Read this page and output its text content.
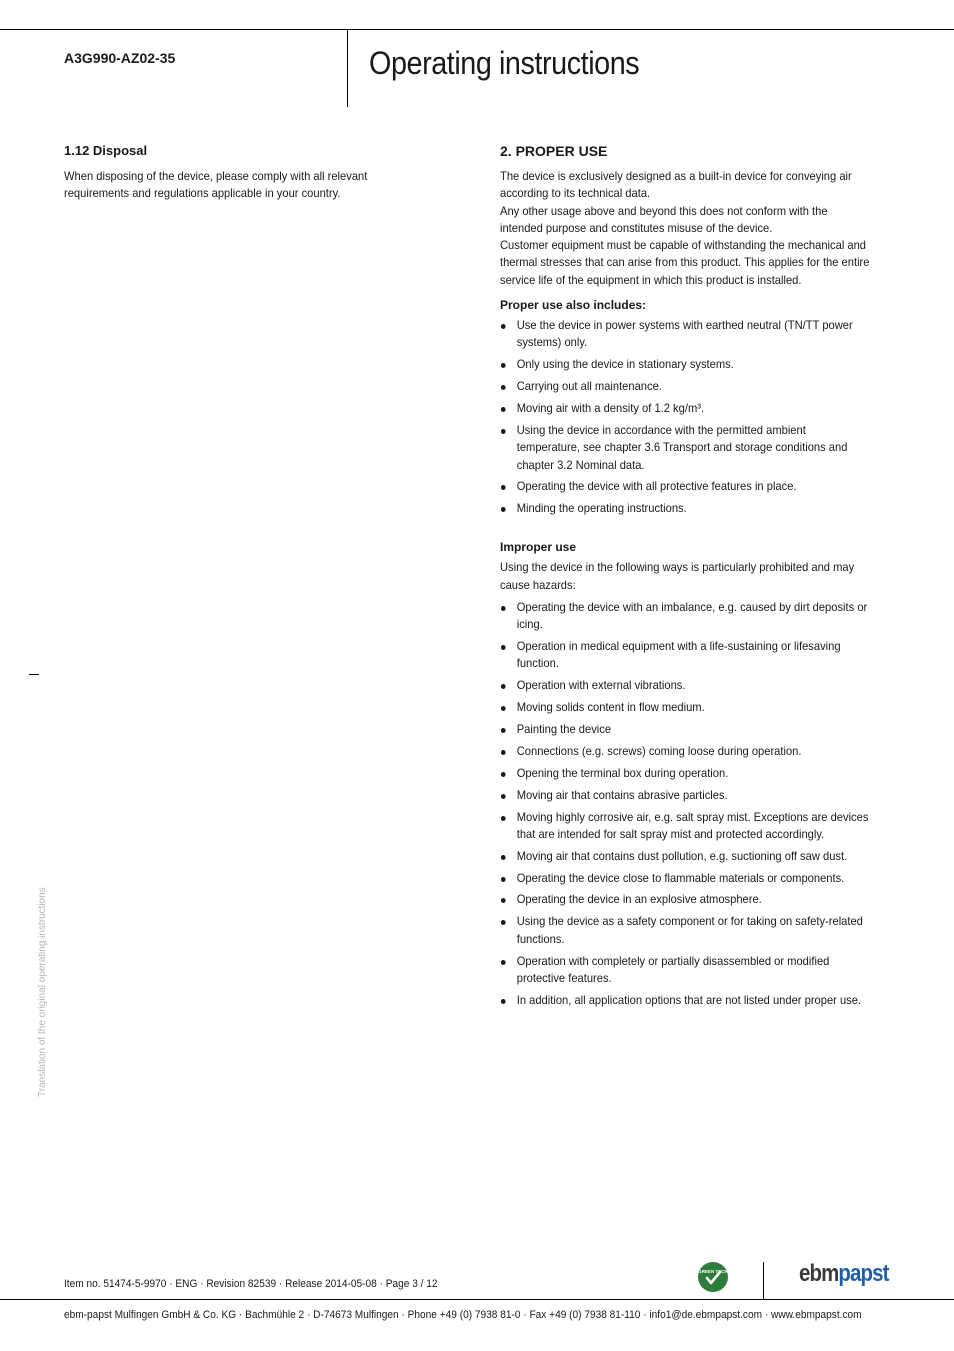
A3G990-AZ02-35	Operating instructions
1.12 Disposal
When disposing of the device, please comply with all relevant requirements and regulations applicable in your country.
2. PROPER USE

The device is exclusively designed as a built-in device for conveying air according to its technical data.

Any other usage above and beyond this does not conform with the intended purpose and constitutes misuse of the device.

Customer equipment must be capable of withstanding the mechanical and thermal stresses that can arise from this product. This applies for the entire service life of the equipment in which this product is installed.

Proper use also includes:

Use the device in power systems with earthed neutral (TN/TT power systems) only.
Only using the device in stationary systems.
Carrying out all maintenance.
Moving air with a density of 1.2 kg/m³.
Using the device in accordance with the permitted ambient temperature, see chapter 3.6 Transport and storage conditions and chapter 3.2 Nominal data.
Operating the device with all protective features in place.
Minding the operating instructions.

Improper use

Using the device in the following ways is particularly prohibited and may cause hazards:
Operating the device with an imbalance, e.g. caused by dirt deposits or icing.
Operation in medical equipment with a life-sustaining or lifesaving function.
Operation with external vibrations.
Moving solids content in flow medium.
Painting the device
Connections (e.g. screws) coming loose during operation.
Opening the terminal box during operation.
Moving air that contains abrasive particles.
Moving highly corrosive air, e.g. salt spray mist. Exceptions are devices that are intended for salt spray mist and protected accordingly.
Moving air that contains dust pollution, e.g. suctioning off saw dust.
Operating the device close to flammable materials or components.
Operating the device in an explosive atmosphere.
Using the device as a safety component or for taking on safety-related functions.
Operation with completely or partially disassembled or modified protective features.
In addition, all application options that are not listed under proper use.
Translation of the original operating instructions
Item no. 51474-5-9970 · ENG · Revision 82539 · Release 2014-05-08 · Page 3 / 12
GREEN TECH	ebmpapst
ebm-papst Mulfingen GmbH & Co. KG · Bachmühle 2 · D-74673 Mulfingen · Phone +49 (0) 7938 81-0 · Fax +49 (0) 7938 81-110 · info1@de.ebmpapst.com · www.ebmpapst.com
